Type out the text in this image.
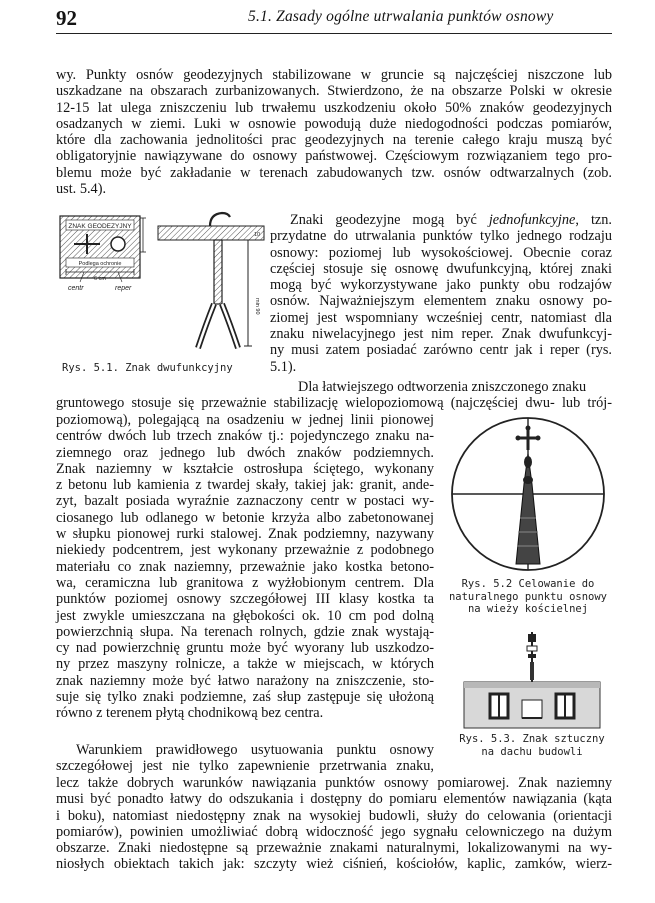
92	5.1. Zasady ogólne utrwalania punktów osnowy
wy. Punkty osnów geodezyjnych stabilizowane w gruncie są najczęściej niszczone lub
uszkadzane na obszarach zurbanizowanych. Stwierdzono, że na obszarze Polski w okresie
12-15 lat ulega zniszczeniu lub trwałemu uszkodzeniu około 50% znaków geodezyjnych
osadzanych w ziemi. Luki w osnowie powodują duże niedogodności podczas pomiarów,
które dla zachowania jednolitości prac geodezyjnych na terenie całego kraju muszą być
obligatoryjnie nawiązywane do osnowy państwowej. Częściowym rozwiązaniem tego pro-
blemu może być zakładanie w terenach zabudowanych tzw. osnów odtwarzalnych (zob.
ust. 5.4).
ZNAK GEODEZYJNY
Podlega ochronie
6 cm
centr	reper
10
min 90
Rys. 5.1. Znak dwufunkcyjny
Znaki geodezyjne mogą być jednofunkcyjne, tzn.
przydatne do utrwalania punktów tylko jednego rodzaju
osnowy: poziomej lub wysokościowej. Obecnie coraz
częściej stosuje się osnowę dwufunkcyjną, której znaki
mogą być wykorzystywane jako punkty obu rodzajów
osnów. Najważniejszym elementem znaku osnowy po-
ziomej jest wspomniany wcześniej centr, natomiast dla
znaku niwelacyjnego jest nim reper. Znak dwufunkcyj-
ny musi zatem posiadać zarówno centr jak i reper (rys.
5.1).
Dla łatwiejszego odtworzenia zniszczonego znaku
gruntowego stosuje się przeważnie stabilizację wielopoziomową (najczęściej dwu- lub trój-
poziomową), polegającą na osadzeniu w jednej linii pionowej
centrów dwóch lub trzech znaków tj.: pojedynczego znaku na-
ziemnego oraz jednego lub dwóch znaków podziemnych.
Znak naziemny w kształcie ostrosłupa ściętego, wykonany
z betonu lub kamienia z twardej skały, takiej jak: granit, ande-
zyt, bazalt posiada wyraźnie zaznaczony centr w postaci wy-
ciosanego lub odlanego w betonie krzyża albo zabetonowanej
w słupku pionowej rurki stalowej. Znak podziemny, nazywany
niekiedy podcentrem, jest wykonany przeważnie z podobnego
materiału co znak naziemny, przeważnie jako kostka betono-
wa, ceramiczna lub granitowa z wyżłobionym centrem. Dla
punktów poziomej osnowy szczegółowej III klasy kostka ta
jest zwykle umieszczana na głębokości ok. 10 cm pod dolną
powierzchnią słupa. Na terenach rolnych, gdzie znak wystają-
cy nad powierzchnię gruntu może być wyorany lub uszkodzo-
ny przez maszyny rolnicze, a także w miejscach, w których
znak naziemny może być łatwo narażony na zniszczenie, sto-
suje się tylko znaki podziemne, zaś słup zastępuje się ułożoną
równo z terenem płytą chodnikową bez centra.
Rys. 5.2 Celowanie do
naturalnego punktu osnowy
na wieży kościelnej
Rys. 5.3. Znak sztuczny
na dachu budowli
Warunkiem prawidłowego usytuowania punktu osnowy
szczegółowej jest nie tylko zapewnienie przetrwania znaku,
lecz także dobrych warunków nawiązania punktów osnowy pomiarowej. Znak naziemny
musi być ponadto łatwy do odszukania i dostępny do pomiaru elementów nawiązania (kąta
i boku), natomiast niedostępny znak na wysokiej budowli, służy do celowania (orientacji
pomiarów), powinien umożliwiać dobrą widoczność jego sygnału celowniczego na dużym
obszarze. Znaki niedostępne są przeważnie znakami naturalnymi, lokalizowanymi na wy-
niosłych obiektach takich jak: szczyty wież ciśnień, kościołów, kaplic, zamków, wierz-
